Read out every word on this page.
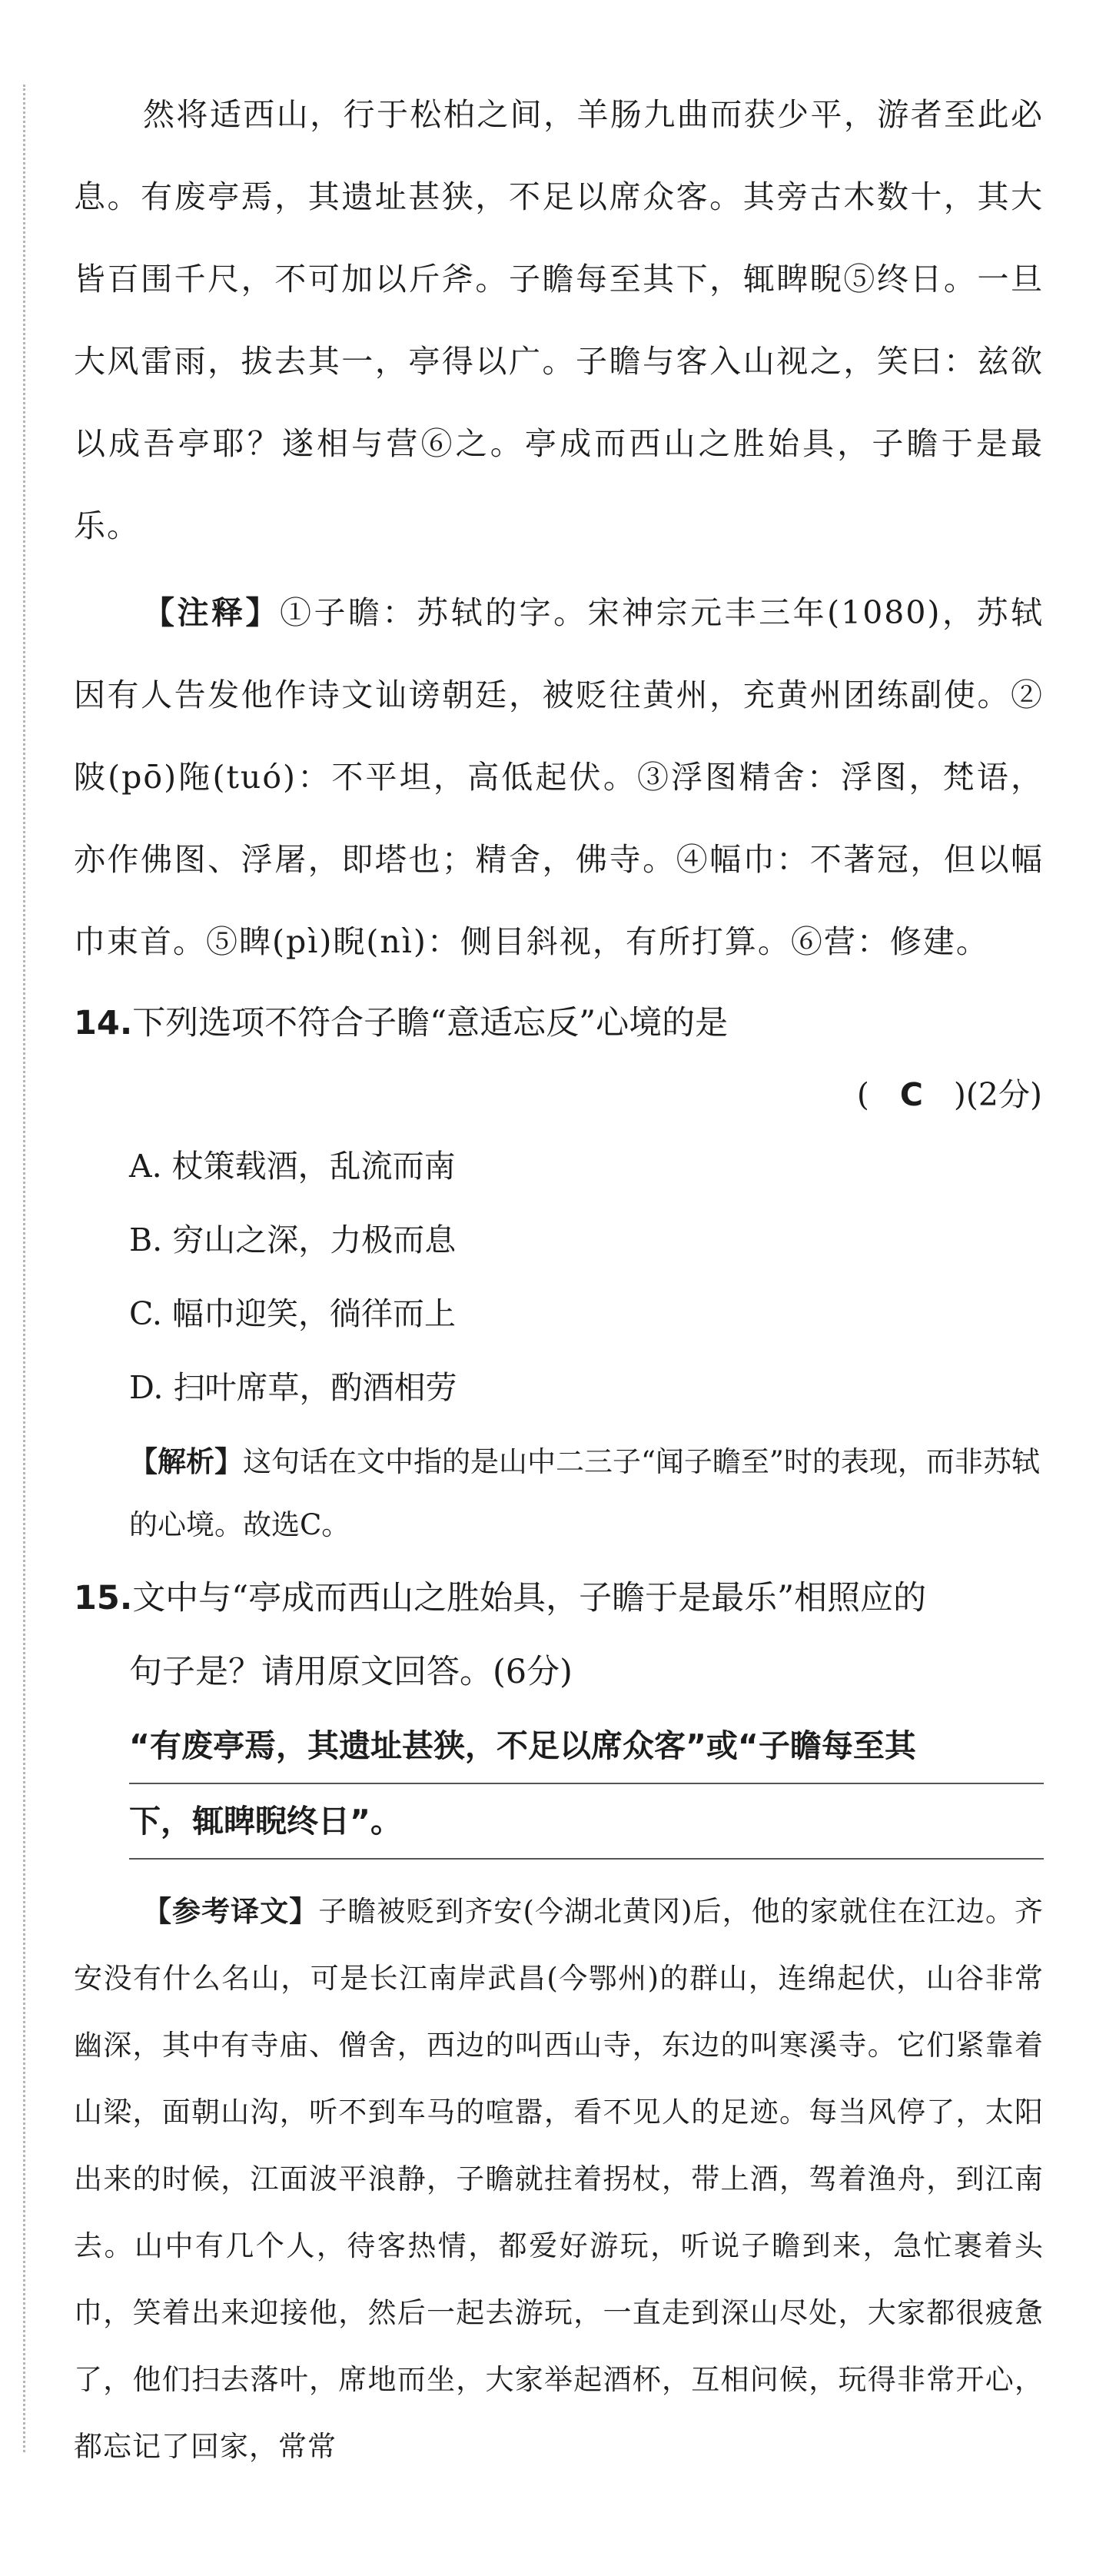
然将适西山，行于松柏之间，羊肠九曲而获少平，游者至此必息。有废亭焉，其遗址甚狭，不足以席众客。其旁古木数十，其大皆百围千尺，不可加以斤斧。子瞻每至其下，辄睥睨⑤终日。一旦大风雷雨，拔去其一，亭得以广。子瞻与客入山视之，笑曰：兹欲以成吾亭耶？遂相与营⑥之。亭成而西山之胜始具，子瞻于是最乐。

【注释】①子瞻：苏轼的字。宋神宗元丰三年(1080)，苏轼因有人告发他作诗文讪谤朝廷，被贬往黄州，充黄州团练副使。②陂(pō)陁(tuó)：不平坦，高低起伏。③浮图精舍：浮图，梵语，亦作佛图、浮屠，即塔也；精舍，佛寺。④幅巾：不著冠，但以幅巾束首。⑤睥(pì)睨(nì)：侧目斜视，有所打算。⑥营：修建。

14.下列选项不符合子瞻“意适忘反”心境的是

( C )(2分)

A. 杖策载酒，乱流而南

B. 穷山之深，力极而息

C. 幅巾迎笑，徜徉而上

D. 扫叶席草，酌酒相劳

【解析】这句话在文中指的是山中二三子“闻子瞻至”时的表现，而非苏轼的心境。故选C。

15.文中与“亭成而西山之胜始具，子瞻于是最乐”相照应的

句子是？请用原文回答。(6分)

“有废亭焉，其遗址甚狭，不足以席众客”或“子瞻每至其
下，辄睥睨终日”。

【参考译文】子瞻被贬到齐安(今湖北黄冈)后，他的家就住在江边。齐安没有什么名山，可是长江南岸武昌(今鄂州)的群山，连绵起伏，山谷非常幽深，其中有寺庙、僧舍，西边的叫西山寺，东边的叫寒溪寺。它们紧靠着山梁，面朝山沟，听不到车马的喧嚣，看不见人的足迹。每当风停了，太阳出来的时候，江面波平浪静，子瞻就拄着拐杖，带上酒，驾着渔舟，到江南去。山中有几个人，待客热情，都爱好游玩，听说子瞻到来，急忙裹着头巾，笑着出来迎接他，然后一起去游玩，一直走到深山尽处，大家都很疲惫了，他们扫去落叶，席地而坐，大家举起酒杯，互相问候，玩得非常开心，都忘记了回家，常常
